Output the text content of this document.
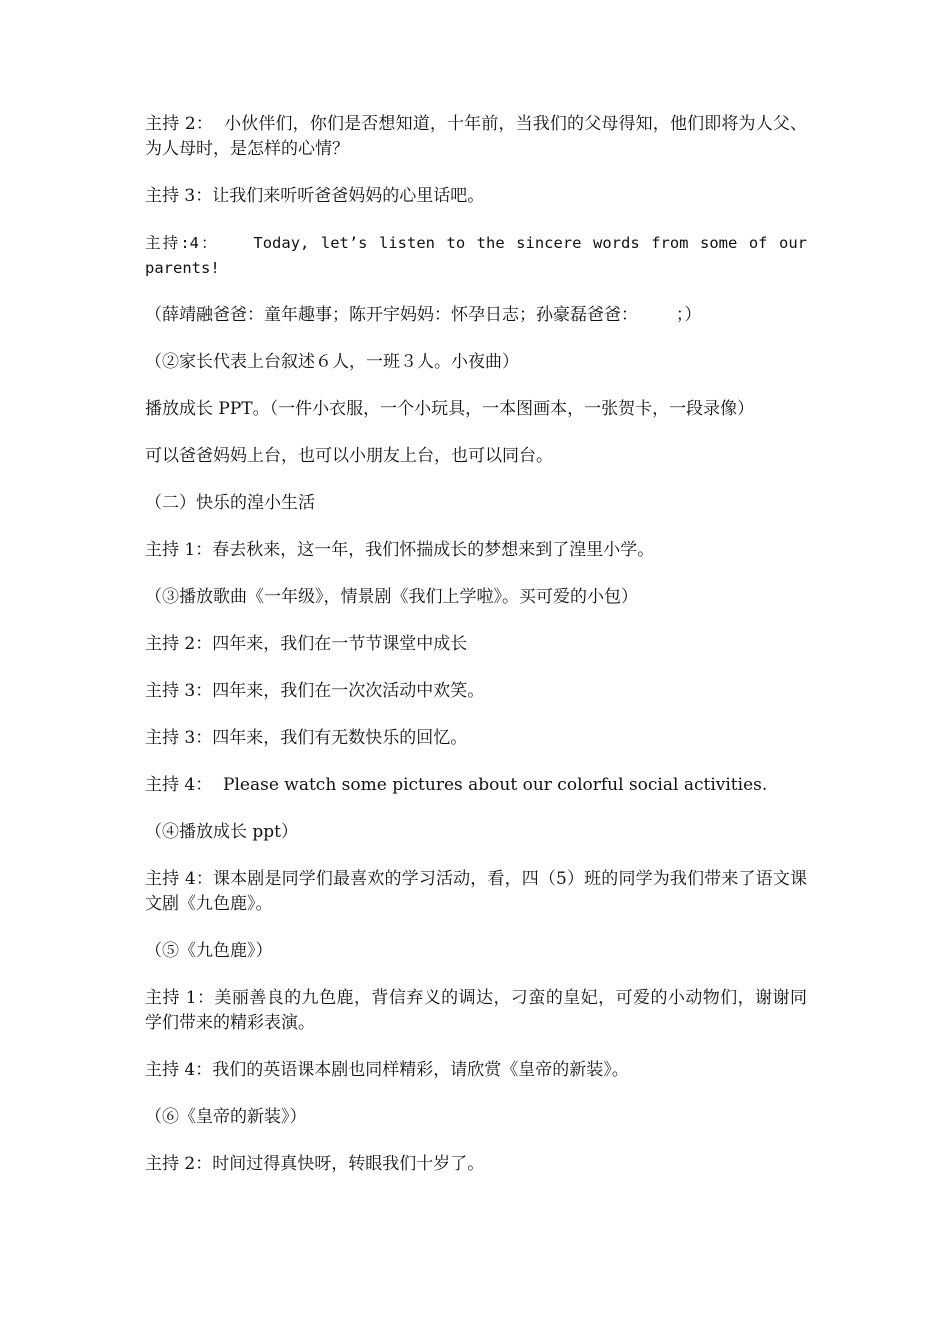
主持 2：  小伙伴们，你们是否想知道，十年前，当我们的父母得知，他们即将为人父、为人母时，是怎样的心情？

主持 3：让我们来听听爸爸妈妈的心里话吧。

主持:4：   Today, let’s listen to the sincere words from some of our parents!

（薛靖融爸爸：童年趣事；陈开宇妈妈：怀孕日志；孙豪磊爸爸：       ；）

（②家长代表上台叙述６人，一班３人。小夜曲）

播放成长 PPT。（一件小衣服，一个小玩具，一本图画本，一张贺卡，一段录像）

可以爸爸妈妈上台，也可以小朋友上台，也可以同台。

（二）快乐的湟小生活

主持 1：春去秋来，这一年，我们怀揣成长的梦想来到了湟里小学。

（③播放歌曲《一年级》，情景剧《我们上学啦》。买可爱的小包）

主持 2：四年来，我们在一节节课堂中成长

主持 3：四年来，我们在一次次活动中欢笑。

主持 3：四年来，我们有无数快乐的回忆。

主持 4：  Please watch some pictures about our colorful social activities.

（④播放成长 ppt）

主持 4：课本剧是同学们最喜欢的学习活动，看，四（5）班的同学为我们带来了语文课文剧《九色鹿》。

（⑤《九色鹿》）

主持 1：美丽善良的九色鹿，背信弃义的调达，刁蛮的皇妃，可爱的小动物们，谢谢同学们带来的精彩表演。

主持 4：我们的英语课本剧也同样精彩，请欣赏《皇帝的新装》。

（⑥《皇帝的新装》）

主持 2：时间过得真快呀，转眼我们十岁了。
